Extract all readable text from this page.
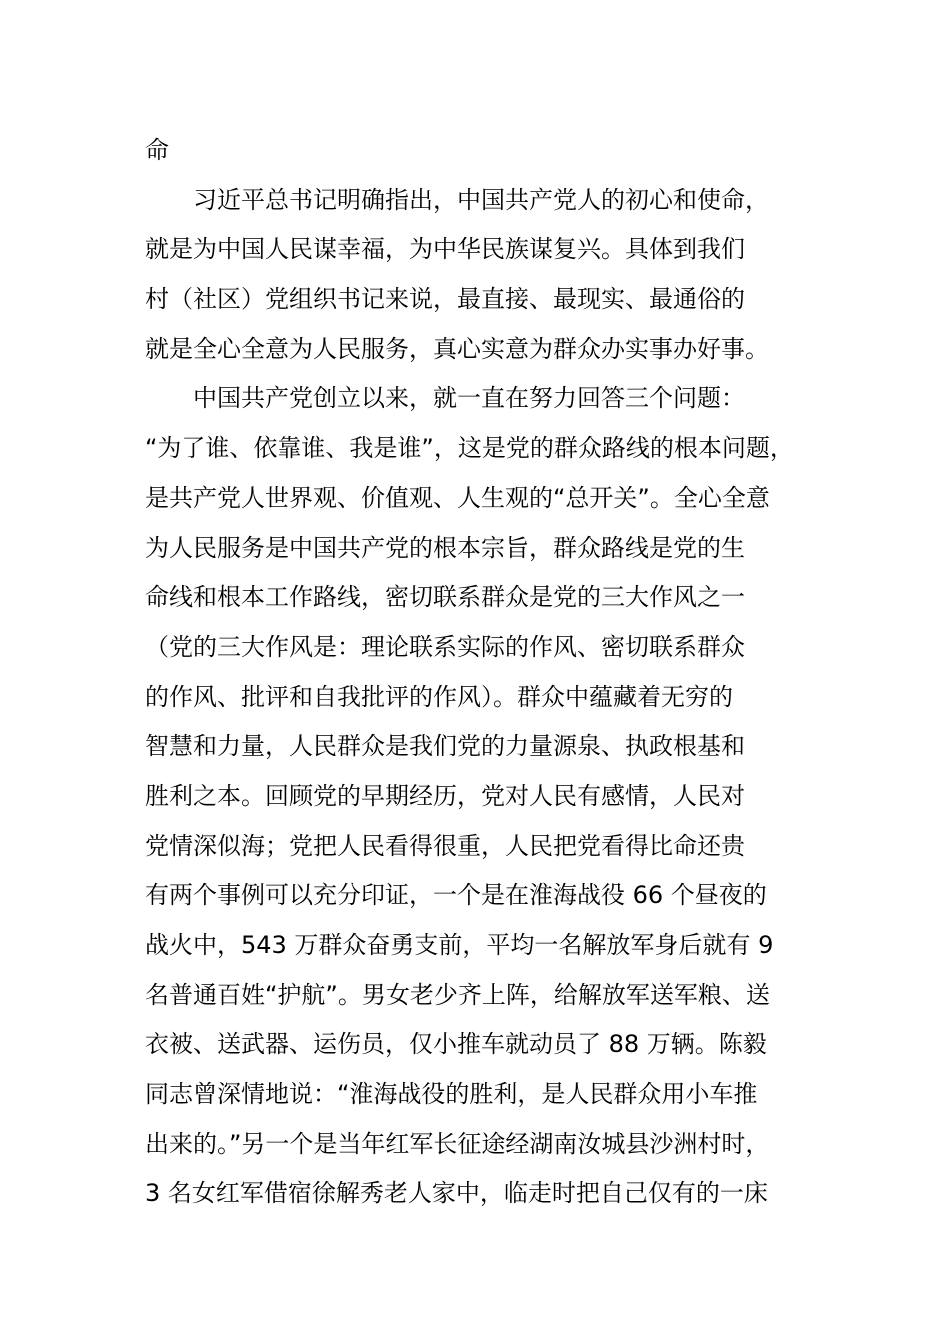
命
习近平总书记明确指出，中国共产党人的初心和使命，
就是为中国人民谋幸福，为中华民族谋复兴。具体到我们
村（社区）党组织书记来说，最直接、最现实、最通俗的
就是全心全意为人民服务，真心实意为群众办实事办好事。
中国共产党创立以来，就一直在努力回答三个问题：
“为了谁、依靠谁、我是谁”，这是党的群众路线的根本问题，
是共产党人世界观、价值观、人生观的“总开关”。全心全意
为人民服务是中国共产党的根本宗旨，群众路线是党的生
命线和根本工作路线，密切联系群众是党的三大作风之一
（党的三大作风是：理论联系实际的作风、密切联系群众
的作风、批评和自我批评的作风）。群众中蕴藏着无穷的
智慧和力量，人民群众是我们党的力量源泉、执政根基和
胜利之本。回顾党的早期经历，党对人民有感情，人民对
党情深似海；党把人民看得很重，人民把党看得比命还贵
有两个事例可以充分印证，一个是在淮海战役 66 个昼夜的
战火中，543 万群众奋勇支前，平均一名解放军身后就有 9
名普通百姓“护航”。男女老少齐上阵，给解放军送军粮、送
衣被、送武器、运伤员，仅小推车就动员了 88 万辆。陈毅
同志曾深情地说：“淮海战役的胜利，是人民群众用小车推
出来的。”另一个是当年红军长征途经湖南汝城县沙洲村时，
3 名女红军借宿徐解秀老人家中，临走时把自己仅有的一床
